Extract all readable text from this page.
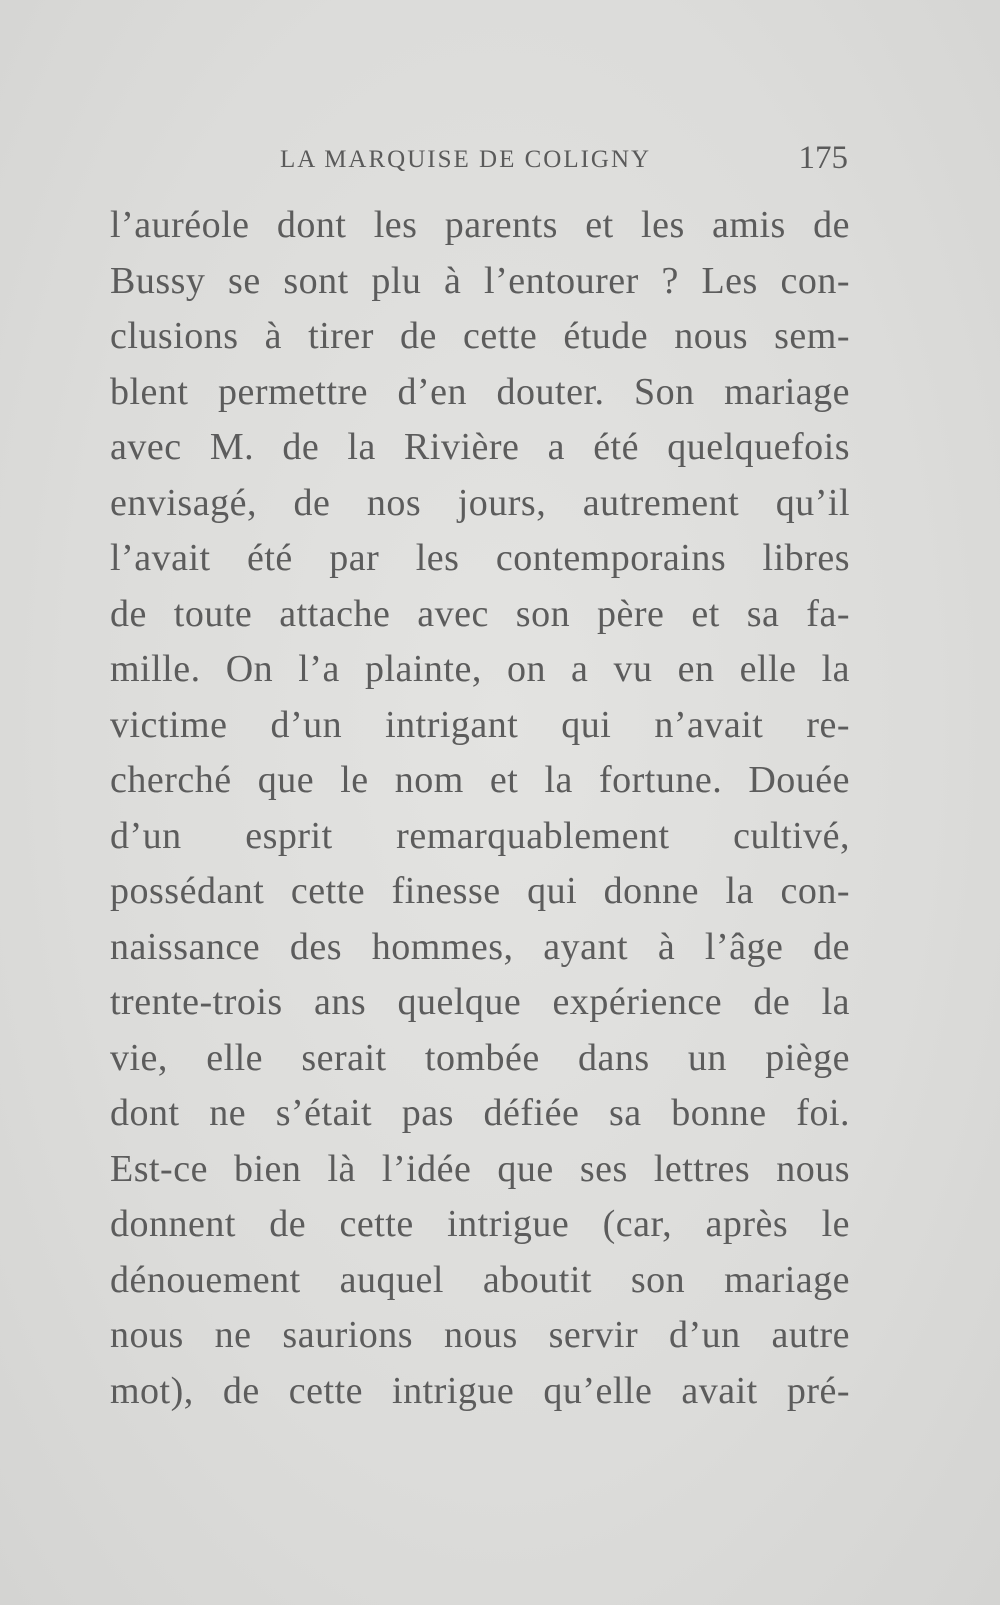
LA MARQUISE DE COLIGNY	175
l’auréole dont les parents et les amis de
Bussy se sont plu à l’entourer ? Les con-
clusions à tirer de cette étude nous sem-
blent permettre d’en douter. Son mariage
avec M. de la Rivière a été quelquefois
envisagé, de nos jours, autrement qu’il
l’avait été par les contemporains libres
de toute attache avec son père et sa fa-
mille. On l’a plainte, on a vu en elle la
victime d’un intrigant qui n’avait re-
cherché que le nom et la fortune. Douée
d’un esprit remarquablement cultivé,
possédant cette finesse qui donne la con-
naissance des hommes, ayant à l’âge de
trente-trois ans quelque expérience de la
vie, elle serait tombée dans un piège
dont ne s’était pas défiée sa bonne foi.
Est-ce bien là l’idée que ses lettres nous
donnent de cette intrigue (car, après le
dénouement auquel aboutit son mariage
nous ne saurions nous servir d’un autre
mot), de cette intrigue qu’elle avait pré-
